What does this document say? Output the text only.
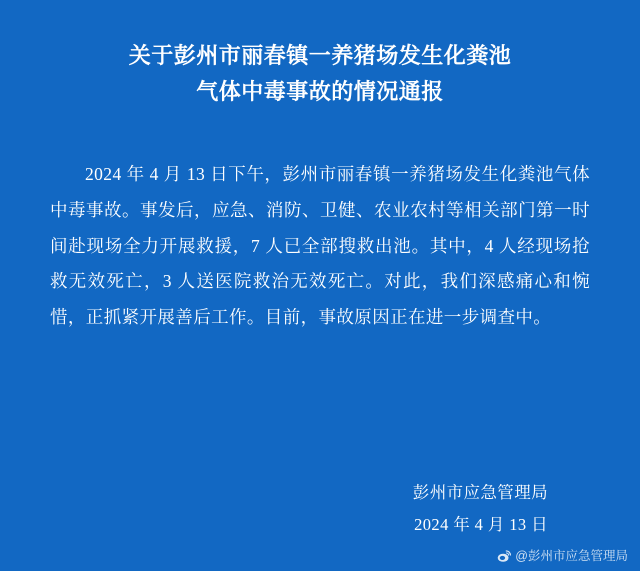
关于彭州市丽春镇一养猪场发生化粪池
气体中毒事故的情况通报

2024 年 4 月 13 日下午，彭州市丽春镇一养猪场发生化粪池气体中毒事故。事发后，应急、消防、卫健、农业农村等相关部门第一时间赴现场全力开展救援，7 人已全部搜救出池。其中，4 人经现场抢救无效死亡，3 人送医院救治无效死亡。对此，我们深感痛心和惋惜，正抓紧开展善后工作。目前，事故原因正在进一步调查中。

彭州市应急管理局
2024 年 4 月 13 日
@彭州市应急管理局
